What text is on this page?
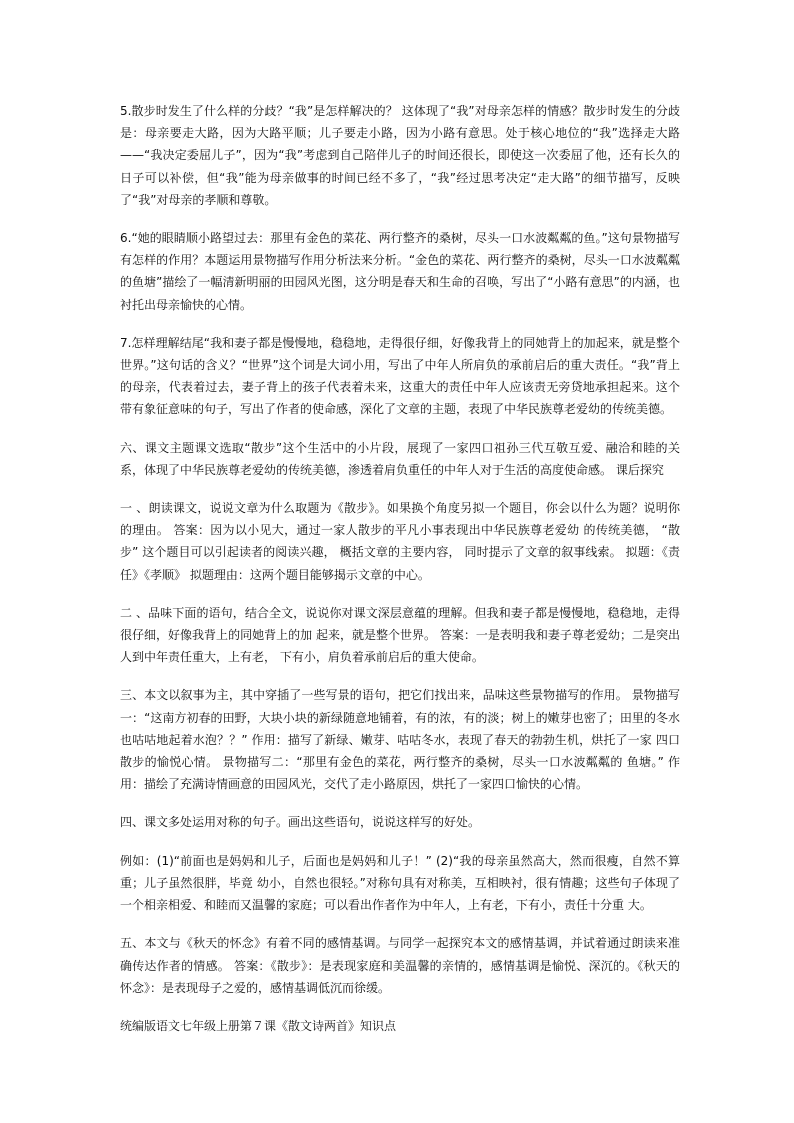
5.散步时发生了什么样的分歧？“我”是怎样解决的？ 这体现了“我”对母亲怎样的情感？散步时发生的分歧是：母亲要走大路，因为大路平顺；儿子要走小路，因为小路有意思。处于核心地位的“我”选择走大路——“我决定委屈儿子”，因为“我”考虑到自己陪伴儿子的时间还很长，即使这一次委屈了他，还有长久的日子可以补偿，但“我”能为母亲做事的时间已经不多了，“我”经过思考决定“走大路”的细节描写，反映了“我”对母亲的孝顺和尊敬。

6.“她的眼睛顺小路望过去：那里有金色的菜花、两行整齐的桑树，尽头一口水波粼粼的鱼。”这句景物描写有怎样的作用？本题运用景物描写作用分析法来分析。“金色的菜花、两行整齐的桑树，尽头一口水波粼粼的鱼塘”描绘了一幅清新明丽的田园风光图，这分明是春天和生命的召唤，写出了“小路有意思”的内涵，也衬托出母亲愉快的心情。

7.怎样理解结尾“我和妻子都是慢慢地，稳稳地，走得很仔细，好像我背上的同她背上的加起来，就是整个世界。”这句话的含义？“世界”这个词是大词小用，写出了中年人所肩负的承前启后的重大责任。“我”背上的母亲，代表着过去，妻子背上的孩子代表着未来，这重大的责任中年人应该责无旁贷地承担起来。这个带有象征意味的句子，写出了作者的使命感，深化了文章的主题，表现了中华民族尊老爱幼的传统美德。

六、课文主题课文选取“散步”这个生活中的小片段，展现了一家四口祖孙三代互敬互爱、融洽和睦的关系，体现了中华民族尊老爱幼的传统美德，渗透着肩负重任的中年人对于生活的高度使命感。 课后探究

一 、朗读课文，说说文章为什么取题为《散步》。如果换个角度另拟一个题目，你会以什么为题？说明你的理由。 答案：因为以小见大，通过一家人散步的平凡小事表现出中华民族尊老爱幼 的传统美德， “散步” 这个题目可以引起读者的阅读兴趣， 概括文章的主要内容， 同时提示了文章的叙事线索。 拟题：《责任》《孝顺》 拟题理由：这两个题目能够揭示文章的中心。

二 、品味下面的语句，结合全文，说说你对课文深层意蕴的理解。但我和妻子都是慢慢地，稳稳地，走得很仔细，好像我背上的同她背上的加 起来，就是整个世界。 答案：一是表明我和妻子尊老爱幼；二是突出人到中年责任重大，上有老， 下有小，肩负着承前启后的重大使命。

三、本文以叙事为主，其中穿插了一些写景的语句，把它们找出来，品味这些景物描写的作用。 景物描写一：“这南方初春的田野，大块小块的新绿随意地铺着，有的浓，有的淡；树上的嫩芽也密了；田里的冬水也咕咕地起着水泡？？” 作用：描写了新绿、嫩芽、咕咕冬水，表现了春天的勃勃生机，烘托了一家 四口散步的愉悦心情。 景物描写二：“那里有金色的菜花，两行整齐的桑树，尽头一口水波粼粼的 鱼塘。” 作用：描绘了充满诗情画意的田园风光，交代了走小路原因，烘托了一家四口愉快的心情。

四、课文多处运用对称的句子。画出这些语句，说说这样写的好处。

例如：(1)“前面也是妈妈和儿子，后面也是妈妈和儿子！” (2)“我的母亲虽然高大，然而很瘦，自然不算重；儿子虽然很胖，毕竟 幼小，自然也很轻。”对称句具有对称美，互相映衬，很有情趣；这些句子体现了一个相亲相爱、和睦而又温馨的家庭；可以看出作者作为中年人，上有老，下有小，责任十分重 大。

五、本文与《秋天的怀念》有着不同的感情基调。与同学一起探究本文的感情基调，并试着通过朗读来准确传达作者的情感。 答案：《散步》：是表现家庭和美温馨的亲情的，感情基调是愉悦、深沉的。《秋天的怀念》：是表现母子之爱的，感情基调低沉而徐缓。

统编版语文七年级上册第７课《散文诗两首》知识点
